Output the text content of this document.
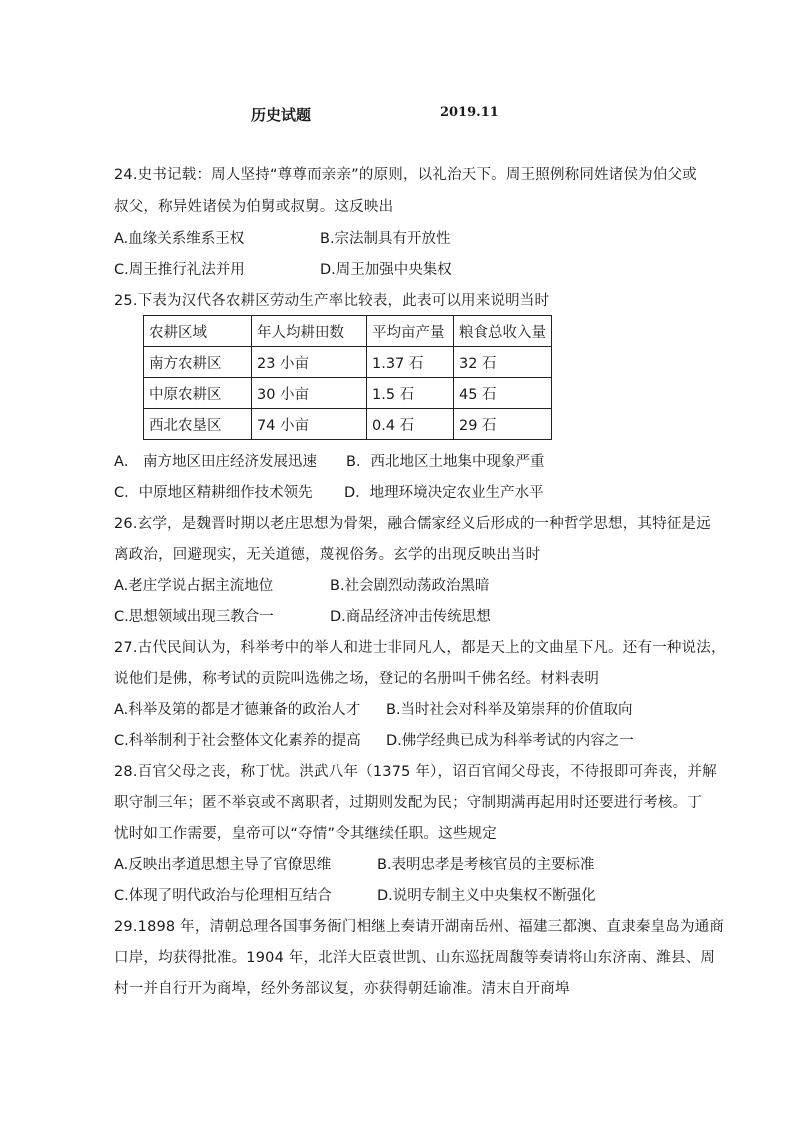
历史试题	2019.11
24.史书记载：周人坚持“尊尊而亲亲”的原则，以礼治天下。周王照例称同姓诸侯为伯父或
叔父，称异姓诸侯为伯舅或叔舅。这反映出
A.血缘关系维系王权	B.宗法制具有开放性
C.周王推行礼法并用	D.周王加强中央集权
25.下表为汉代各农耕区劳动生产率比较表，此表可以用来说明当时
农耕区域	年人均耕田数	平均亩产量	粮食总收入量
南方农耕区	23 小亩	1.37 石	32 石
中原农耕区	30 小亩	1.5 石	45 石
西北农垦区	74 小亩	0.4 石	29 石
A． 南方地区田庄经济发展迅速 B．西北地区土地集中现象严重
C．中原地区精耕细作技术领先 D．地理环境决定农业生产水平
26.玄学，是魏晋时期以老庄思想为骨架，融合儒家经义后形成的一种哲学思想，其特征是远
离政治，回避现实，无关道德，蔑视俗务。玄学的出现反映出当时
A.老庄学说占据主流地位	B.社会剧烈动荡政治黑暗
C.思想领域出现三教合一	D.商品经济冲击传统思想
27.古代民间认为，科举考中的举人和进士非同凡人，都是天上的文曲星下凡。还有一种说法，
说他们是佛，称考试的贡院叫选佛之场，登记的名册叫千佛名经。材料表明
A.科举及第的都是才德兼备的政治人才 B.当时社会对科举及第崇拜的价值取向
C.科举制利于社会整体文化素养的提高 D.佛学经典已成为科举考试的内容之一
28.百官父母之丧，称丁忧。洪武八年（1375 年），诏百官闻父母丧，不待报即可奔丧，并解
职守制三年；匿不举哀或不离职者，过期则发配为民；守制期满再起用时还要进行考核。丁
忧时如工作需要，皇帝可以“夺情”令其继续任职。这些规定
A.反映出孝道思想主导了官僚思维	B.表明忠孝是考核官员的主要标准
C.体现了明代政治与伦理相互结合	D.说明专制主义中央集权不断强化
29.1898 年，清朝总理各国事务衙门相继上奏请开湖南岳州、福建三都澳、直隶秦皇岛为通商
口岸，均获得批准。1904 年，北洋大臣袁世凯、山东巡抚周馥等奏请将山东济南、潍县、周
村一并自行开为商埠，经外务部议复，亦获得朝廷谕准。清末自开商埠
